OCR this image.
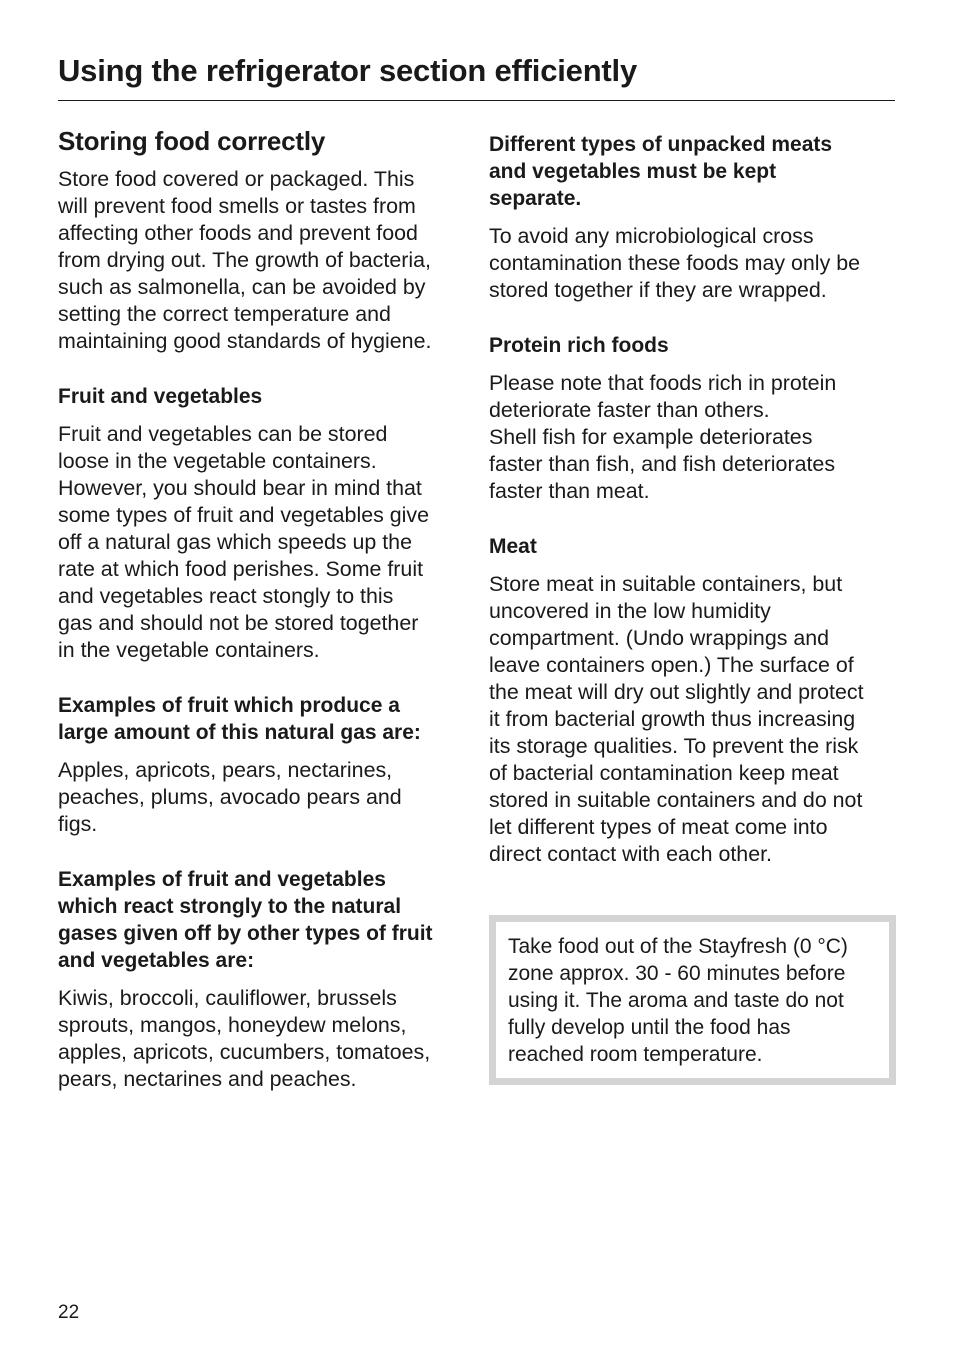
Using the refrigerator section efficiently
Storing food correctly

Store food covered or packaged. This
will prevent food smells or tastes from
affecting other foods and prevent food
from drying out. The growth of bacteria,
such as salmonella, can be avoided by
setting the correct temperature and
maintaining good standards of hygiene.

Fruit and vegetables

Fruit and vegetables can be stored
loose in the vegetable containers.
However, you should bear in mind that
some types of fruit and vegetables give
off a natural gas which speeds up the
rate at which food perishes. Some fruit
and vegetables react stongly to this
gas and should not be stored together
in the vegetable containers.

Examples of fruit which produce a
large amount of this natural gas are:

Apples, apricots, pears, nectarines,
peaches, plums, avocado pears and
figs.

Examples of fruit and vegetables
which react strongly to the natural
gases given off by other types of fruit
and vegetables are:

Kiwis, broccoli, cauliflower, brussels
sprouts, mangos, honeydew melons,
apples, apricots, cucumbers, tomatoes,
pears, nectarines and peaches.

Different types of unpacked meats
and vegetables must be kept
separate.

To avoid any microbiological cross
contamination these foods may only be
stored together if they are wrapped.

Protein rich foods

Please note that foods rich in protein
deteriorate faster than others.
Shell fish for example deteriorates
faster than fish, and fish deteriorates
faster than meat.

Meat

Store meat in suitable containers, but
uncovered in the low humidity
compartment. (Undo wrappings and
leave containers open.) The surface of
the meat will dry out slightly and protect
it from bacterial growth thus increasing
its storage qualities. To prevent the risk
of bacterial contamination keep meat
stored in suitable containers and do not
let different types of meat come into
direct contact with each other.

Take food out of the Stayfresh (0 °C)
zone approx. 30 - 60 minutes before
using it. The aroma and taste do not
fully develop until the food has
reached room temperature.

22
